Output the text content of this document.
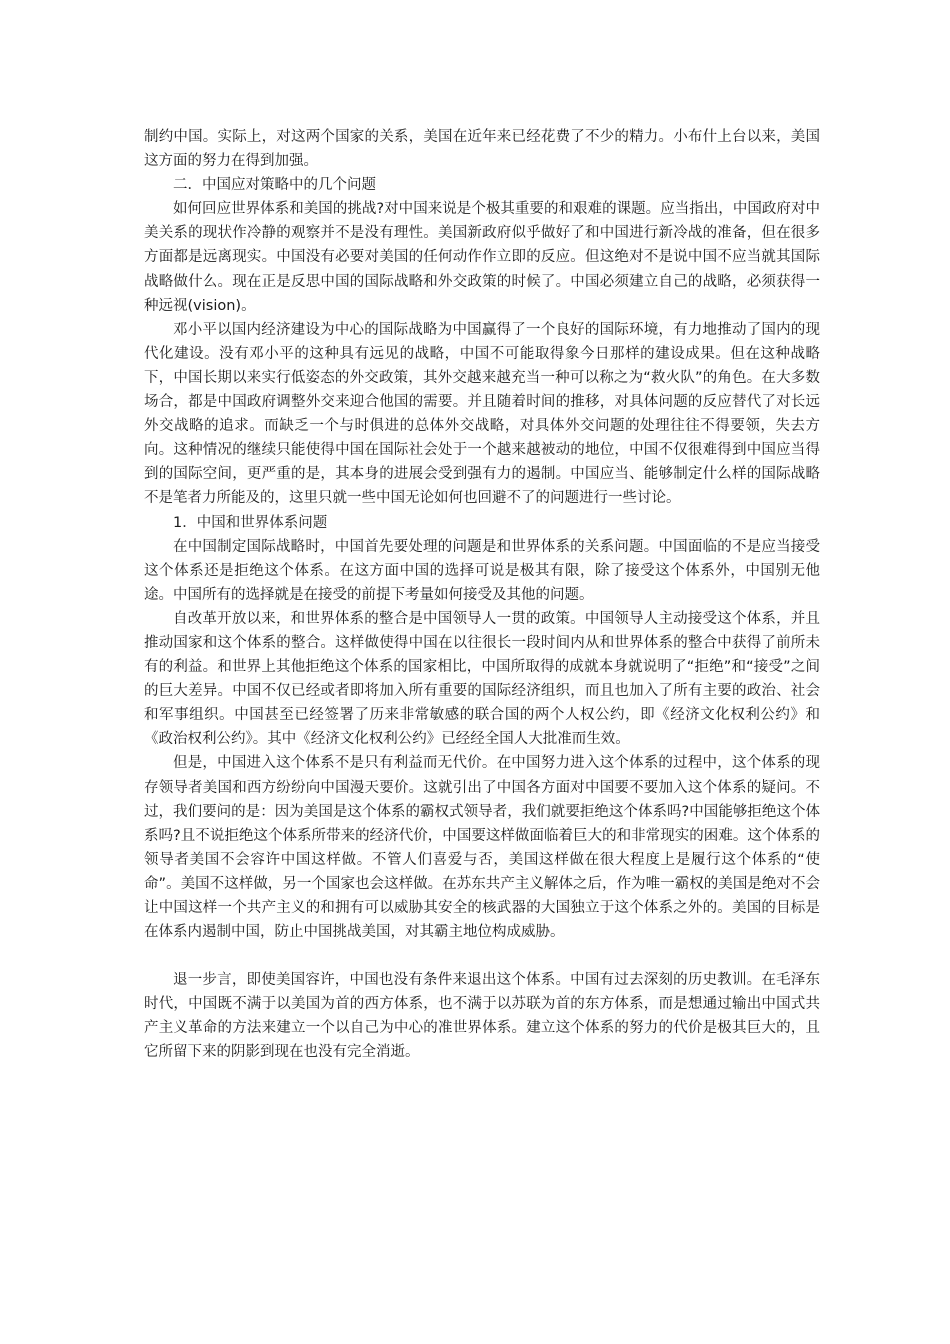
制约中国。实际上，对这两个国家的关系，美国在近年来已经花费了不少的精力。小布什上台以来，美国这方面的努力在得到加强。

二．中国应对策略中的几个问题

如何回应世界体系和美国的挑战?对中国来说是个极其重要的和艰难的课题。应当指出，中国政府对中美关系的现状作冷静的观察并不是没有理性。美国新政府似乎做好了和中国进行新冷战的准备，但在很多方面都是远离现实。中国没有必要对美国的任何动作作立即的反应。但这绝对不是说中国不应当就其国际战略做什么。现在正是反思中国的国际战略和外交政策的时候了。中国必须建立自己的战略，必须获得一种远视(vision)。

邓小平以国内经济建设为中心的国际战略为中国赢得了一个良好的国际环境，有力地推动了国内的现代化建设。没有邓小平的这种具有远见的战略，中国不可能取得象今日那样的建设成果。但在这种战略下，中国长期以来实行低姿态的外交政策，其外交越来越充当一种可以称之为“救火队”的角色。在大多数场合，都是中国政府调整外交来迎合他国的需要。并且随着时间的推移，对具体问题的反应替代了对长远外交战略的追求。而缺乏一个与时俱进的总体外交战略，对具体外交问题的处理往往不得要领，失去方向。这种情况的继续只能使得中国在国际社会处于一个越来越被动的地位，中国不仅很难得到中国应当得到的国际空间，更严重的是，其本身的进展会受到强有力的遏制。中国应当、能够制定什么样的国际战略不是笔者力所能及的，这里只就一些中国无论如何也回避不了的问题进行一些讨论。

1．中国和世界体系问题

在中国制定国际战略时，中国首先要处理的问题是和世界体系的关系问题。中国面临的不是应当接受这个体系还是拒绝这个体系。在这方面中国的选择可说是极其有限，除了接受这个体系外，中国别无他途。中国所有的选择就是在接受的前提下考量如何接受及其他的问题。

自改革开放以来，和世界体系的整合是中国领导人一贯的政策。中国领导人主动接受这个体系，并且推动国家和这个体系的整合。这样做使得中国在以往很长一段时间内从和世界体系的整合中获得了前所未有的利益。和世界上其他拒绝这个体系的国家相比，中国所取得的成就本身就说明了“拒绝”和“接受”之间的巨大差异。中国不仅已经或者即将加入所有重要的国际经济组织，而且也加入了所有主要的政治、社会和军事组织。中国甚至已经签署了历来非常敏感的联合国的两个人权公约，即《经济文化权利公约》和《政治权利公约》。其中《经济文化权利公约》已经经全国人大批准而生效。

但是，中国进入这个体系不是只有利益而无代价。在中国努力进入这个体系的过程中，这个体系的现存领导者美国和西方纷纷向中国漫天要价。这就引出了中国各方面对中国要不要加入这个体系的疑问。不过，我们要问的是：因为美国是这个体系的霸权式领导者，我们就要拒绝这个体系吗?中国能够拒绝这个体系吗?且不说拒绝这个体系所带来的经济代价，中国要这样做面临着巨大的和非常现实的困难。这个体系的领导者美国不会容许中国这样做。不管人们喜爱与否，美国这样做在很大程度上是履行这个体系的“使命”。美国不这样做，另一个国家也会这样做。在苏东共产主义解体之后，作为唯一霸权的美国是绝对不会让中国这样一个共产主义的和拥有可以威胁其安全的核武器的大国独立于这个体系之外的。美国的目标是在体系内遏制中国，防止中国挑战美国，对其霸主地位构成威胁。

退一步言，即使美国容许，中国也没有条件来退出这个体系。中国有过去深刻的历史教训。在毛泽东时代，中国既不满于以美国为首的西方体系，也不满于以苏联为首的东方体系，而是想通过输出中国式共产主义革命的方法来建立一个以自己为中心的准世界体系。建立这个体系的努力的代价是极其巨大的，且它所留下来的阴影到现在也没有完全消逝。
